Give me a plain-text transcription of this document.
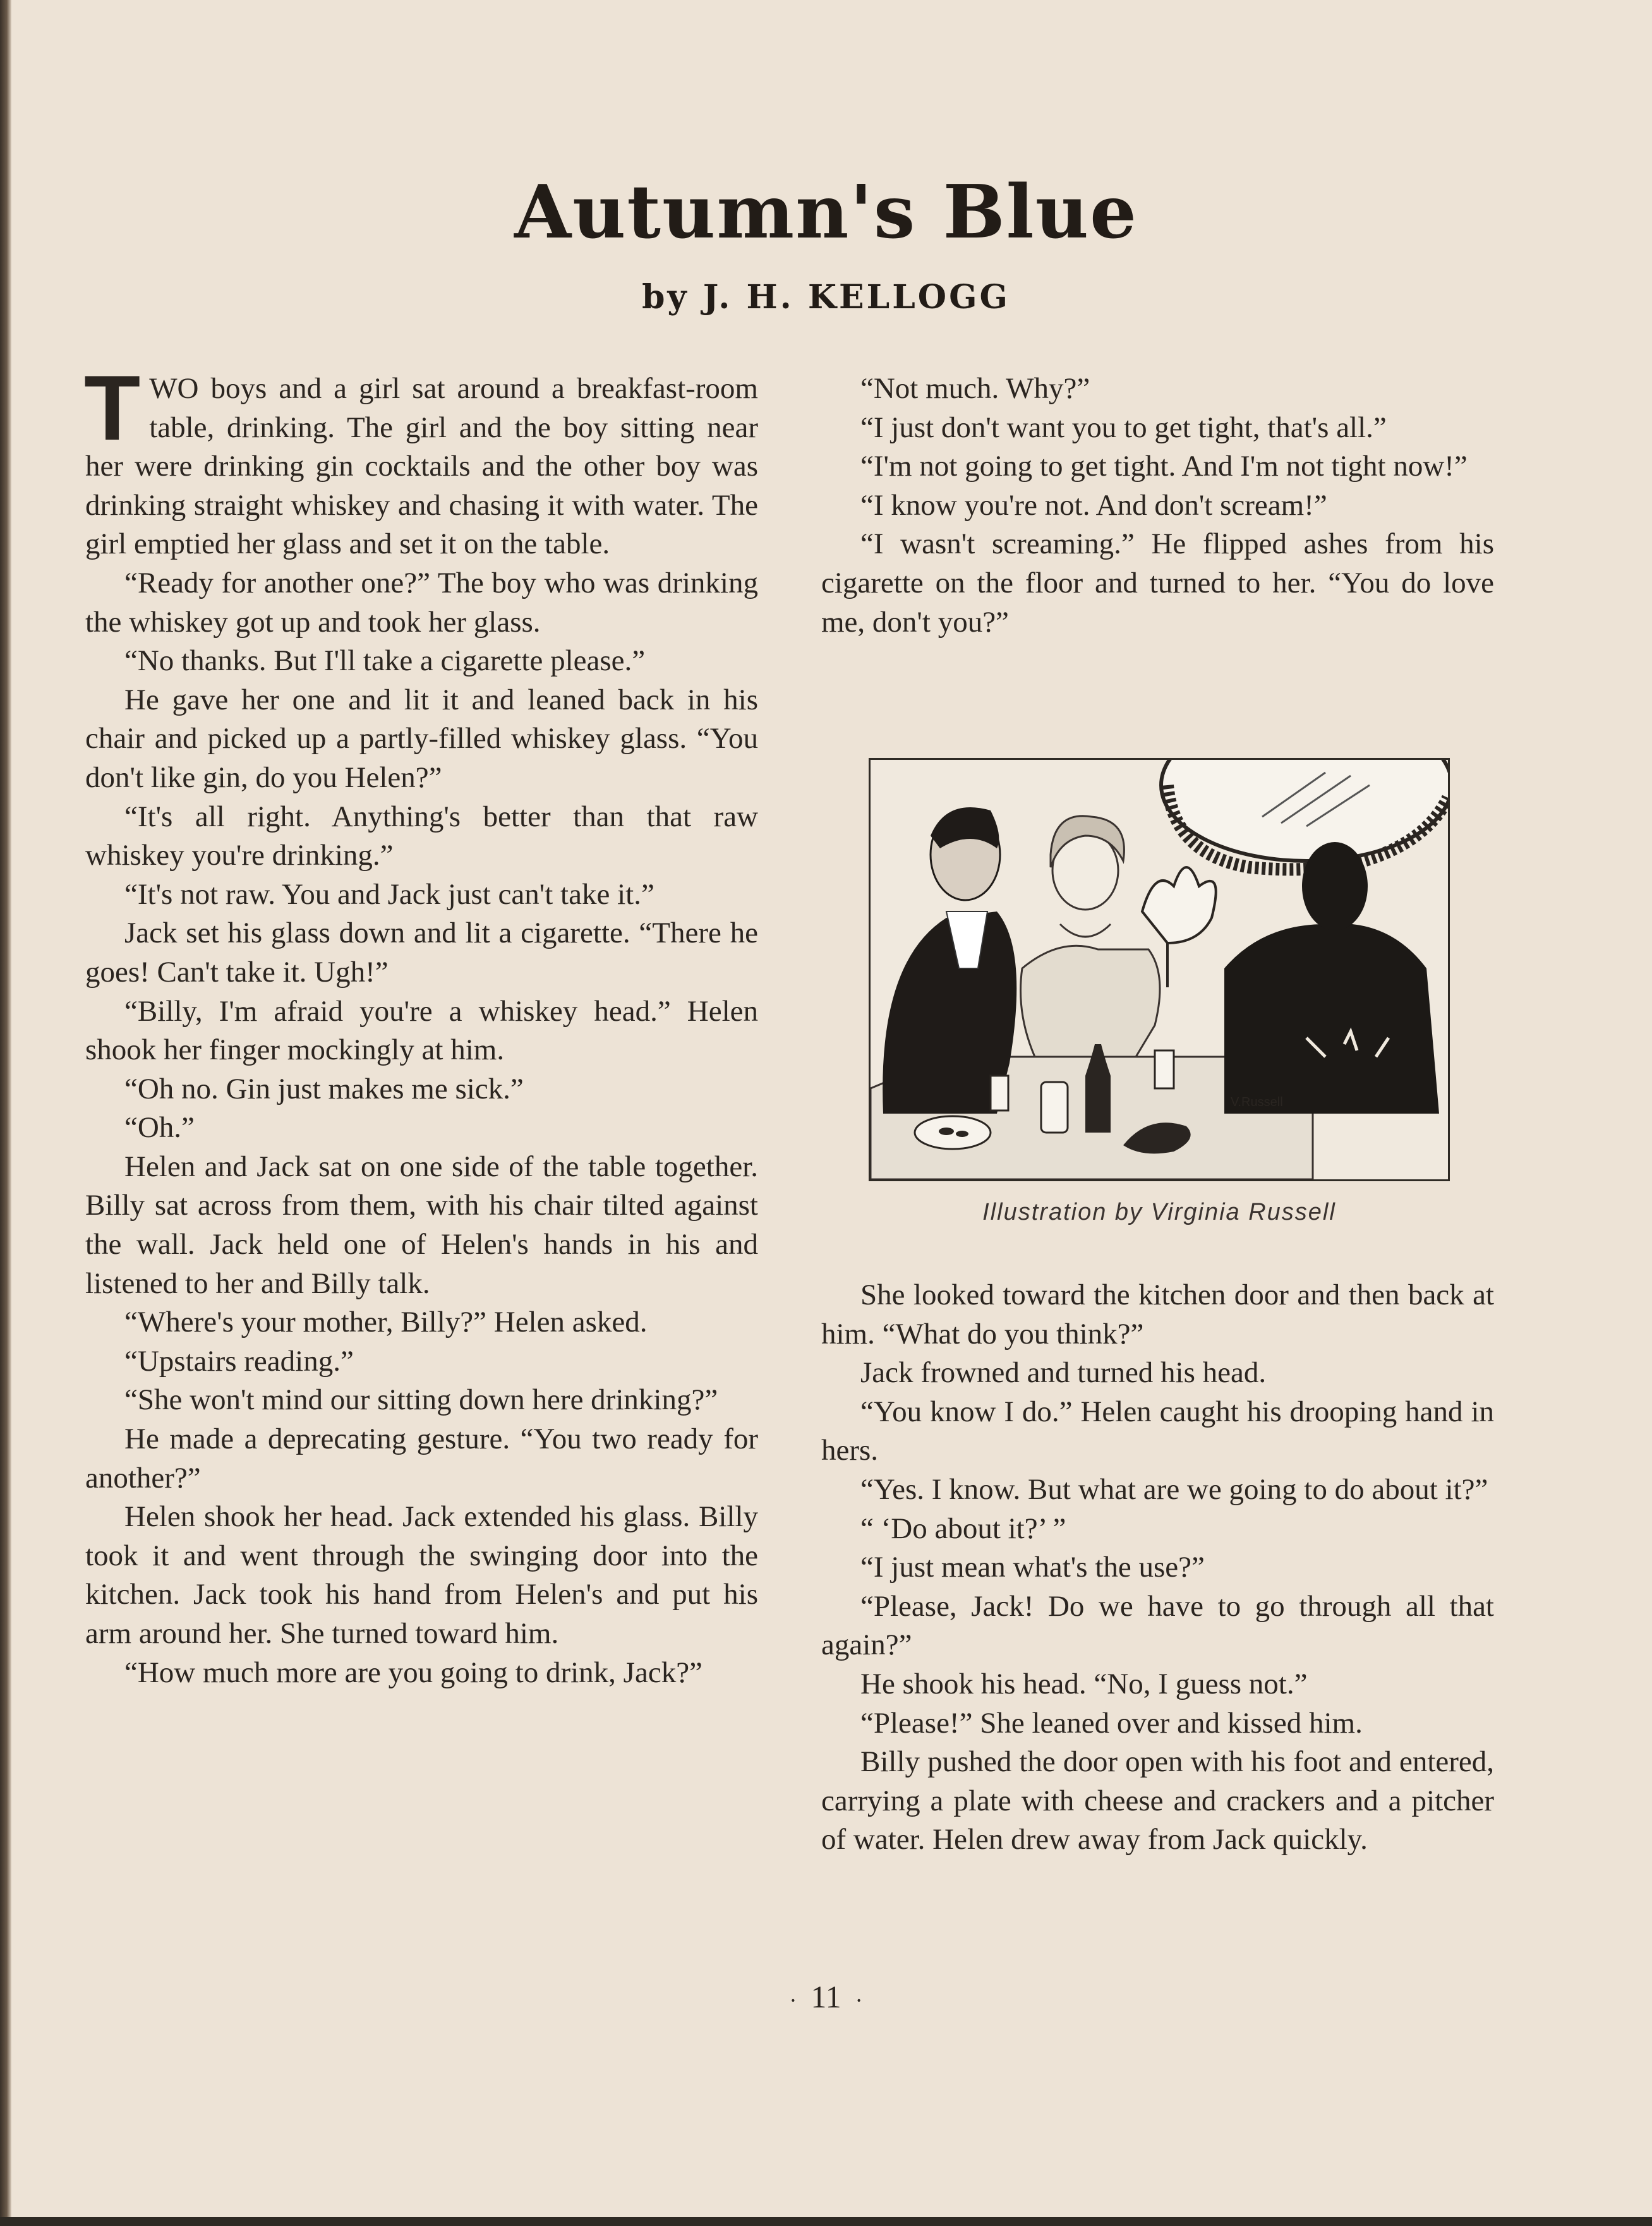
Autumn's Blue
by J. H. KELLOGG

TWO boys and a girl sat around a breakfast-room table, drinking. The girl and the boy sitting near her were drinking gin cocktails and the other boy was drinking straight whiskey and chasing it with water. The girl emptied her glass and set it on the table.

“Ready for another one?” The boy who was drinking the whiskey got up and took her glass.

“No thanks. But I'll take a cigarette please.”

He gave her one and lit it and leaned back in his chair and picked up a partly-filled whiskey glass. “You don't like gin, do you Helen?”

“It's all right. Anything's better than that raw whiskey you're drinking.”

“It's not raw. You and Jack just can't take it.”

Jack set his glass down and lit a cigarette. “There he goes! Can't take it. Ugh!”

“Billy, I'm afraid you're a whiskey head.” Helen shook her finger mockingly at him.

“Oh no. Gin just makes me sick.”

“Oh.”

Helen and Jack sat on one side of the table together. Billy sat across from them, with his chair tilted against the wall. Jack held one of Helen's hands in his and listened to her and Billy talk.

“Where's your mother, Billy?” Helen asked.

“Upstairs reading.”

“She won't mind our sitting down here drinking?”

He made a deprecating gesture. “You two ready for another?”

Helen shook her head. Jack extended his glass. Billy took it and went through the swinging door into the kitchen. Jack took his hand from Helen's and put his arm around her. She turned toward him.

“How much more are you going to drink, Jack?”

“Not much. Why?”

“I just don't want you to get tight, that's all.”

“I'm not going to get tight. And I'm not tight now!”

“I know you're not. And don't scream!”

“I wasn't screaming.” He flipped ashes from his cigarette on the floor and turned to her. “You do love me, don't you?”

V.Russell

Illustration by Virginia Russell

She looked toward the kitchen door and then back at him. “What do you think?”

Jack frowned and turned his head.

“You know I do.” Helen caught his drooping hand in hers.

“Yes. I know. But what are we going to do about it?”

“ ‘Do about it?’ ”

“I just mean what's the use?”

“Please, Jack! Do we have to go through all that again?”

He shook his head. “No, I guess not.”

“Please!” She leaned over and kissed him.

Billy pushed the door open with his foot and entered, carrying a plate with cheese and crackers and a pitcher of water. Helen drew away from Jack quickly.

· 11 ·
